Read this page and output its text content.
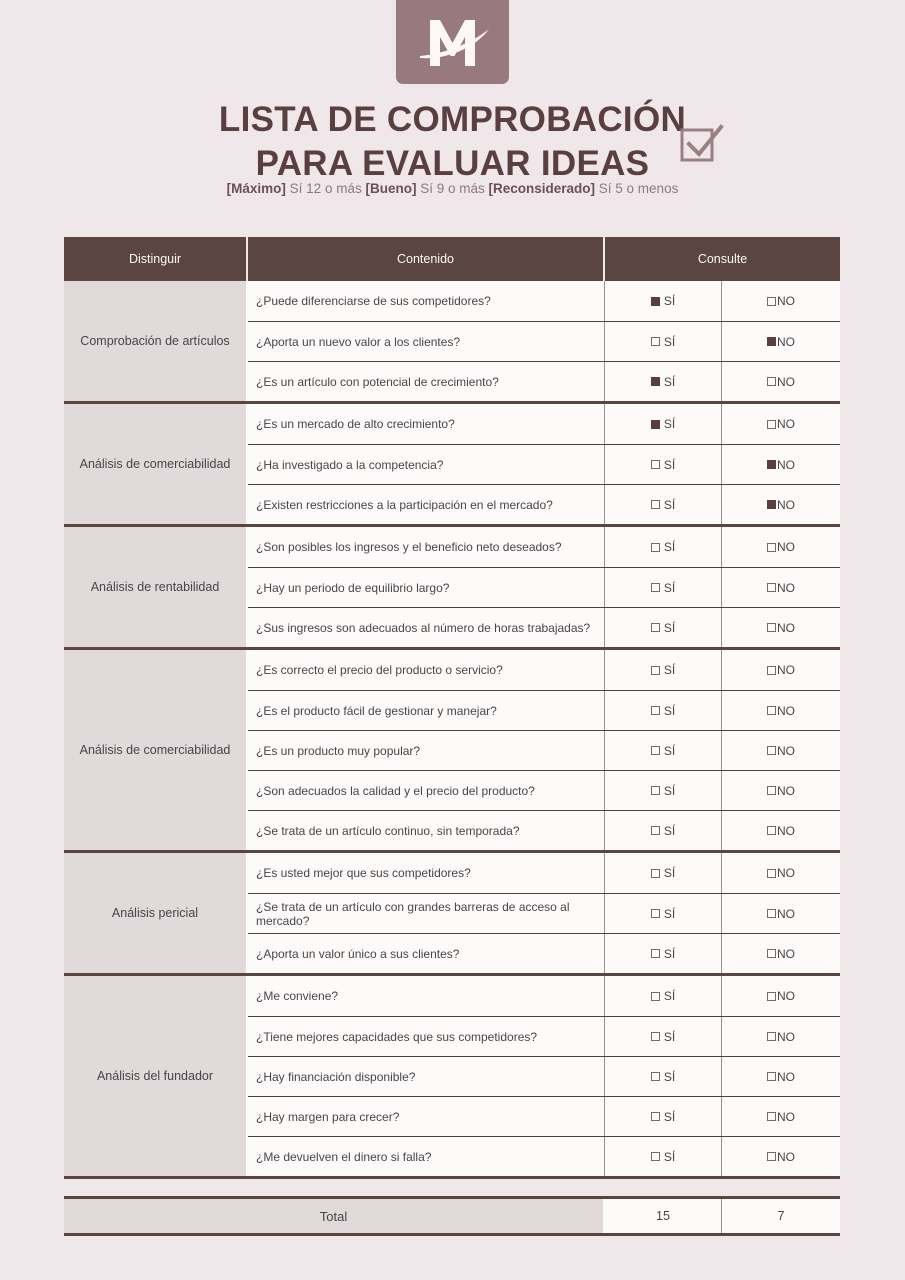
LISTA DE COMPROBACIÓN
PARA EVALUAR IDEAS
[Máximo] Sí 12 o más [Bueno] Sí 9 o más [Reconsiderado] Sí 5 o menos
Distinguir	Contenido	Consulte
Comprobación de artículos
¿Puede diferenciarse de sus competidores?	SÍ	NO
¿Aporta un nuevo valor a los clientes?	SÍ	NO
¿Es un artículo con potencial de crecimiento?	SÍ	NO
Análisis de comerciabilidad
¿Es un mercado de alto crecimiento?	SÍ	NO
¿Ha investigado a la competencia?	SÍ	NO
¿Existen restricciones a la participación en el mercado?	SÍ	NO
Análisis de rentabilidad
¿Son posibles los ingresos y el beneficio neto deseados?	SÍ	NO
¿Hay un periodo de equilibrio largo?	SÍ	NO
¿Sus ingresos son adecuados al número de horas trabajadas?	SÍ	NO
Análisis de comerciabilidad
¿Es correcto el precio del producto o servicio?	SÍ	NO
¿Es el producto fácil de gestionar y manejar?	SÍ	NO
¿Es un producto muy popular?	SÍ	NO
¿Son adecuados la calidad y el precio del producto?	SÍ	NO
¿Se trata de un artículo continuo, sin temporada?	SÍ	NO
Análisis pericial
¿Es usted mejor que sus competidores?	SÍ	NO
¿Se trata de un artículo con grandes barreras de acceso al mercado?	SÍ	NO
¿Aporta un valor único a sus clientes?	SÍ	NO
Análisis del fundador
¿Me conviene?	SÍ	NO
¿Tiene mejores capacidades que sus competidores?	SÍ	NO
¿Hay financiación disponible?	SÍ	NO
¿Hay margen para crecer?	SÍ	NO
¿Me devuelven el dinero si falla?	SÍ	NO
Total	15	7
